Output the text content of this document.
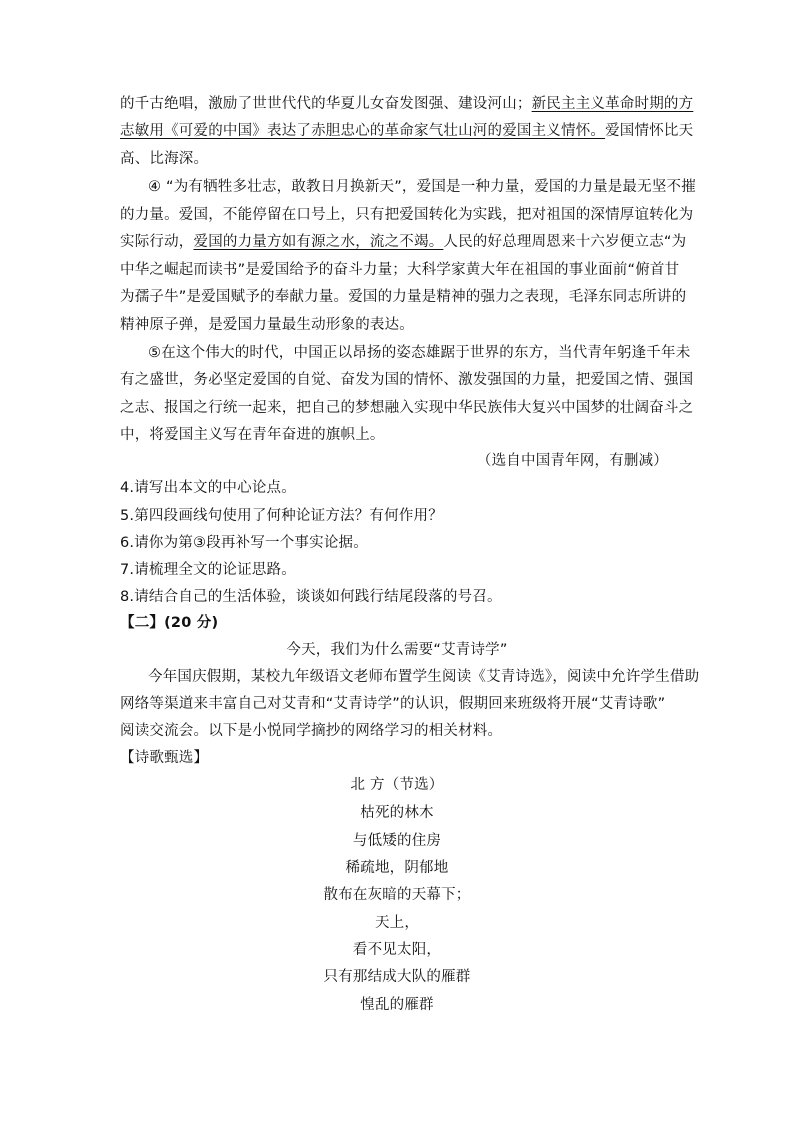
的千古绝唱，激励了世世代代的华夏儿女奋发图强、建设河山；新民主主义革命时期的方
志敏用《可爱的中国》表达了赤胆忠心的革命家气壮山河的爱国主义情怀。爱国情怀比天
高、比海深。
④ “为有牺牲多壮志，敢教日月换新天”，爱国是一种力量，爱国的力量是最无坚不摧
的力量。爱国，不能停留在口号上，只有把爱国转化为实践，把对祖国的深情厚谊转化为
实际行动，爱国的力量方如有源之水，流之不竭。人民的好总理周恩来十六岁便立志“为
中华之崛起而读书”是爱国给予的奋斗力量；大科学家黄大年在祖国的事业面前“俯首甘
为孺子牛”是爱国赋予的奉献力量。爱国的力量是精神的强力之表现，毛泽东同志所讲的
精神原子弹，是爱国力量最生动形象的表达。
⑤在这个伟大的时代，中国正以昂扬的姿态雄踞于世界的东方，当代青年躬逢千年未
有之盛世，务必坚定爱国的自觉、奋发为国的情怀、激发强国的力量，把爱国之情、强国
之志、报国之行统一起来，把自己的梦想融入实现中华民族伟大复兴中国梦的壮阔奋斗之
中，将爱国主义写在青年奋进的旗帜上。
（选自中国青年网，有删减）
4.请写出本文的中心论点。
5.第四段画线句使用了何种论证方法？有何作用？
6.请你为第③段再补写一个事实论据。
7.请梳理全文的论证思路。
8.请结合自己的生活体验，谈谈如何践行结尾段落的号召。
【二】(20 分)
今天，我们为什么需要“艾青诗学”
今年国庆假期，某校九年级语文老师布置学生阅读《艾青诗选》，阅读中允许学生借助
网络等渠道来丰富自己对艾青和“艾青诗学”的认识，假期回来班级将开展“艾青诗歌”
阅读交流会。以下是小悦同学摘抄的网络学习的相关材料。
【诗歌甄选】
北 方（节选）
枯死的林木
与低矮的住房
稀疏地，阴郁地
散布在灰暗的天幕下；
天上，
看不见太阳，
只有那结成大队的雁群
惶乱的雁群
